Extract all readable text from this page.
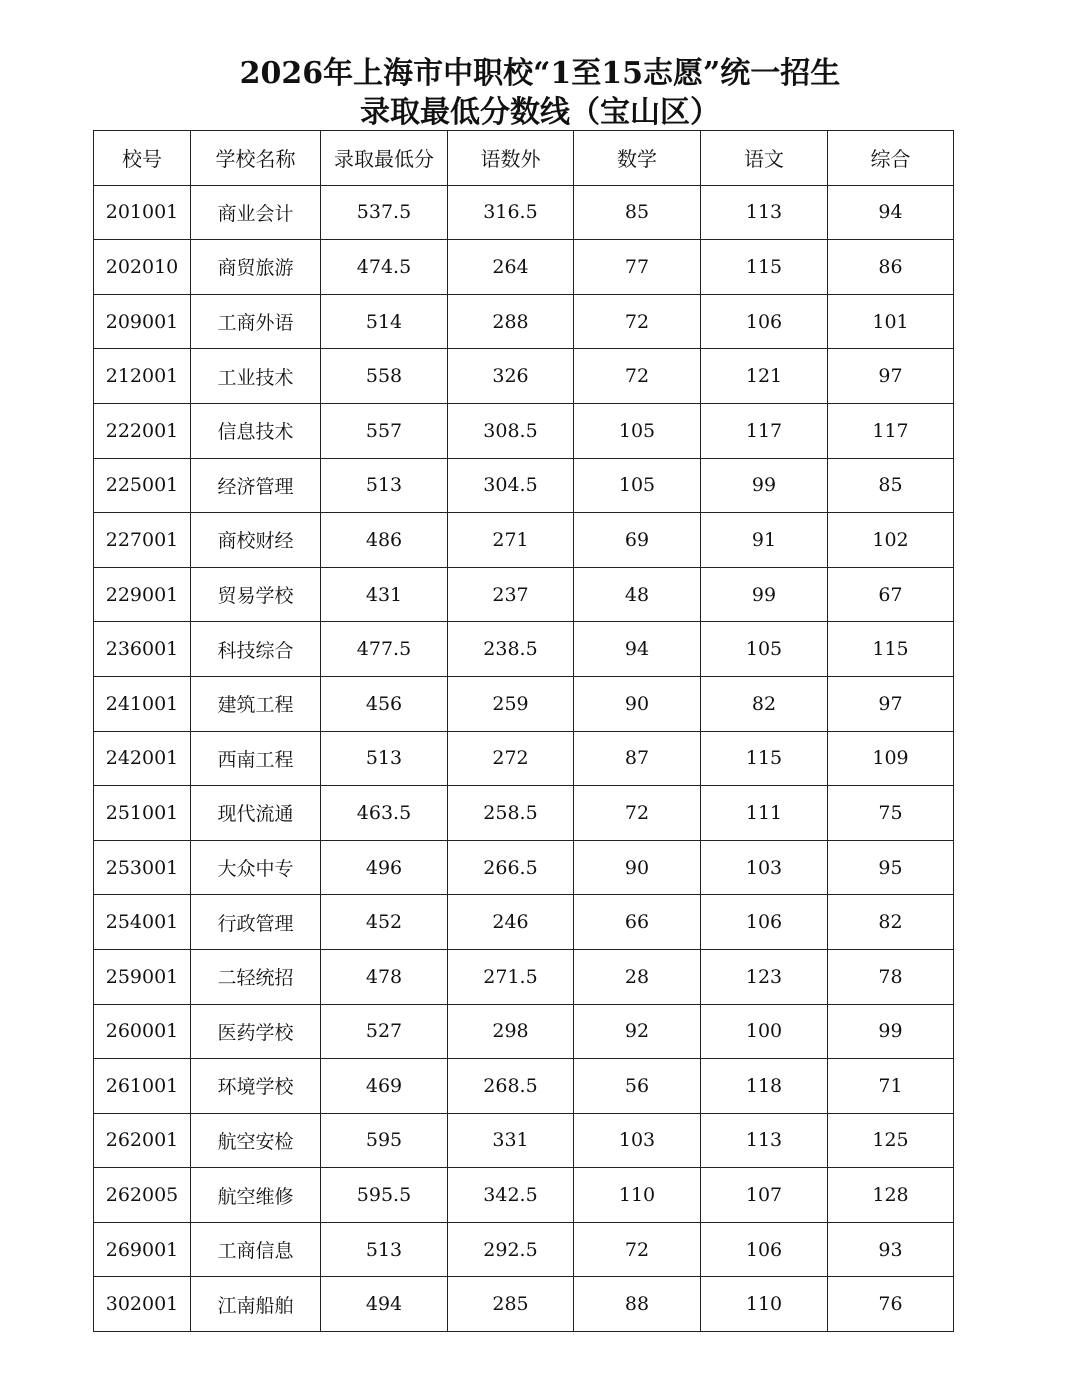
2026年上海市中职校“1至15志愿”统一招生
录取最低分数线（宝山区）
校号	学校名称	录取最低分	语数外	数学	语文	综合
201001	商业会计	537.5	316.5	85	113	94
202010	商贸旅游	474.5	264	77	115	86
209001	工商外语	514	288	72	106	101
212001	工业技术	558	326	72	121	97
222001	信息技术	557	308.5	105	117	117
225001	经济管理	513	304.5	105	99	85
227001	商校财经	486	271	69	91	102
229001	贸易学校	431	237	48	99	67
236001	科技综合	477.5	238.5	94	105	115
241001	建筑工程	456	259	90	82	97
242001	西南工程	513	272	87	115	109
251001	现代流通	463.5	258.5	72	111	75
253001	大众中专	496	266.5	90	103	95
254001	行政管理	452	246	66	106	82
259001	二轻统招	478	271.5	28	123	78
260001	医药学校	527	298	92	100	99
261001	环境学校	469	268.5	56	118	71
262001	航空安检	595	331	103	113	125
262005	航空维修	595.5	342.5	110	107	128
269001	工商信息	513	292.5	72	106	93
302001	江南船舶	494	285	88	110	76
